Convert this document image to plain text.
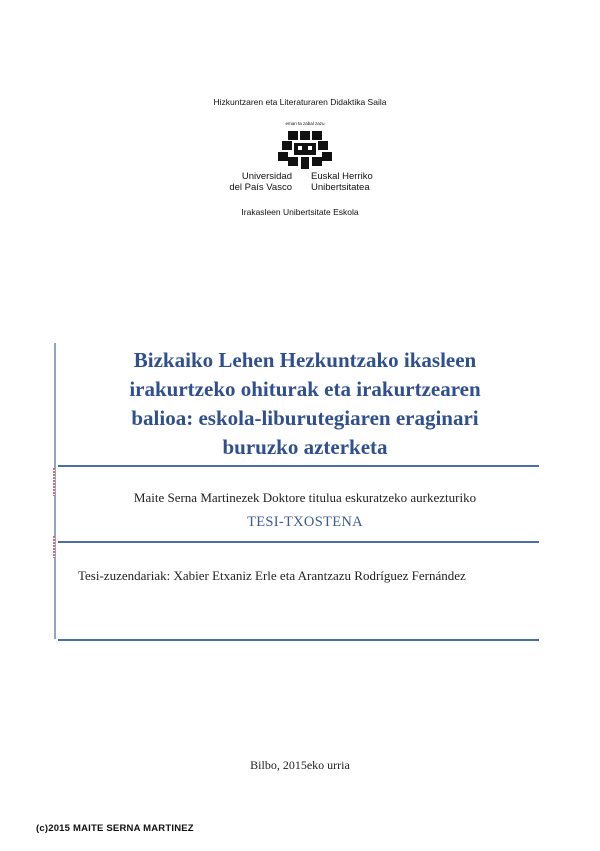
Hizkuntzaren eta Literaturaren Didaktika Saila
eman ta zabal zazu
Universidad
del País Vasco
Euskal Herriko
Unibertsitatea
Irakasleen Unibertsitate Eskola
Bizkaiko Lehen Hezkuntzako ikasleen
irakurtzeko ohiturak eta irakurtzearen
balioa: eskola-liburutegiaren eraginari
buruzko azterketa
Maite Serna Martinezek Doktore titulua eskuratzeko aurkezturiko
TESI-TXOSTENA
Tesi-zuzendariak: Xabier Etxaniz Erle eta Arantzazu Rodríguez Fernández
Bilbo, 2015eko urria
(c)2015 MAITE SERNA MARTINEZ
